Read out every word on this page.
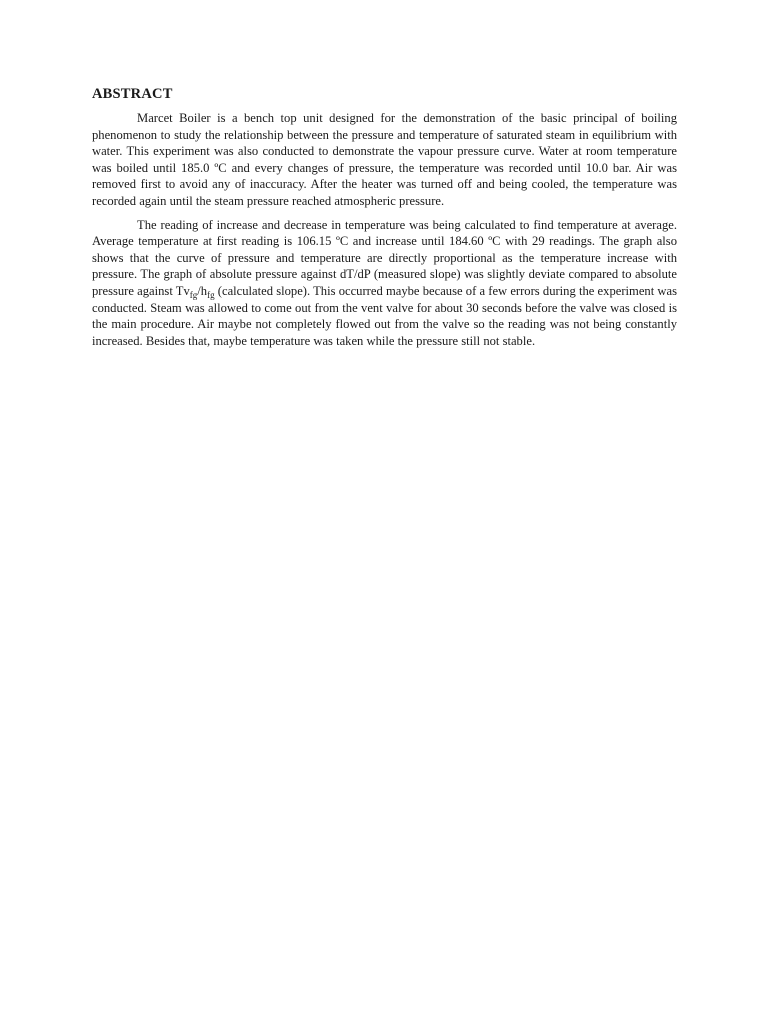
ABSTRACT

Marcet Boiler is a bench top unit designed for the demonstration of the basic principal of boiling phenomenon to study the relationship between the pressure and temperature of saturated steam in equilibrium with water. This experiment was also conducted to demonstrate the vapour pressure curve. Water at room temperature was boiled until 185.0 ºC and every changes of pressure, the temperature was recorded until 10.0 bar. Air was removed first to avoid any of inaccuracy. After the heater was turned off and being cooled, the temperature was recorded again until the steam pressure reached atmospheric pressure.

The reading of increase and decrease in temperature was being calculated to find temperature at average. Average temperature at first reading is 106.15 ºC and increase until 184.60 ºC with 29 readings. The graph also shows that the curve of pressure and temperature are directly proportional as the temperature increase with pressure. The graph of absolute pressure against dT/dP (measured slope) was slightly deviate compared to absolute pressure against $Tv_{fg}/h_{fg}$ (calculated slope). This occurred maybe because of a few errors during the experiment was conducted. Steam was allowed to come out from the vent valve for about 30 seconds before the valve was closed is the main procedure. Air maybe not completely flowed out from the valve so the reading was not being constantly increased. Besides that, maybe temperature was taken while the pressure still not stable.
